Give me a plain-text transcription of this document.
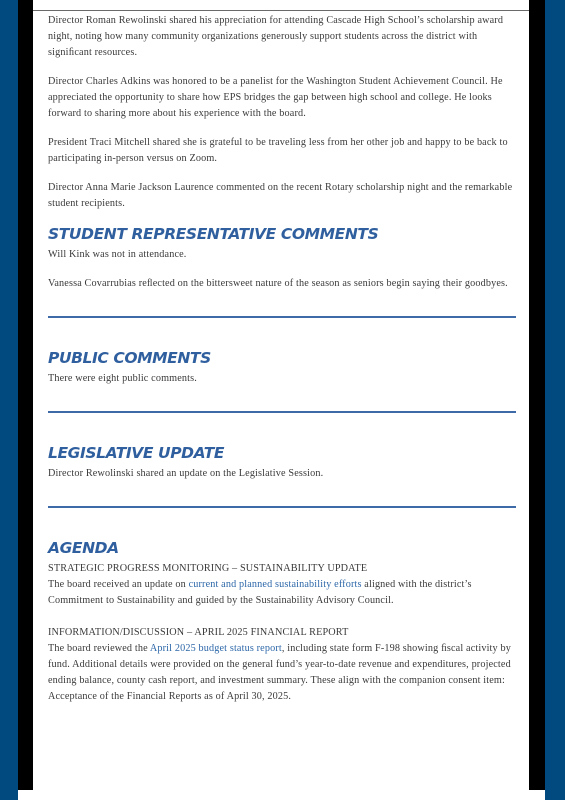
Director Roman Rewolinski shared his appreciation for attending Cascade High School’s scholarship award night, noting how many community organizations generously support students across the district with signiﬁcant resources.

Director Charles Adkins was honored to be a panelist for the Washington Student Achievement Council. He appreciated the opportunity to share how EPS bridges the gap between high school and college. He looks forward to sharing more about his experience with the board.

President Traci Mitchell shared she is grateful to be traveling less from her other job and happy to be back to participating in-person versus on Zoom.

Director Anna Marie Jackson Laurence commented on the recent Rotary scholarship night and the remarkable student recipients.

STUDENT REPRESENTATIVE COMMENTS

Will Kink was not in attendance.

Vanessa Covarrubias reﬂected on the bittersweet nature of the season as seniors begin saying their goodbyes.

PUBLIC COMMENTS

There were eight public comments.

LEGISLATIVE UPDATE

Director Rewolinski shared an update on the Legislative Session.

AGENDA
STRATEGIC PROGRESS MONITORING – SUSTAINABILITY UPDATE

The board received an update on current and planned sustainability efforts aligned with the district’s Commitment to Sustainability and guided by the Sustainability Advisory Council.

INFORMATION/DISCUSSION – APRIL 2025 FINANCIAL REPORT

The board reviewed the April 2025 budget status report, including state form F-198 showing ﬁscal activity by fund. Additional details were provided on the general fund’s year-to-date revenue and expenditures, projected ending balance, county cash report, and investment summary. These align with the companion consent item: Acceptance of the Financial Reports as of April 30, 2025.
